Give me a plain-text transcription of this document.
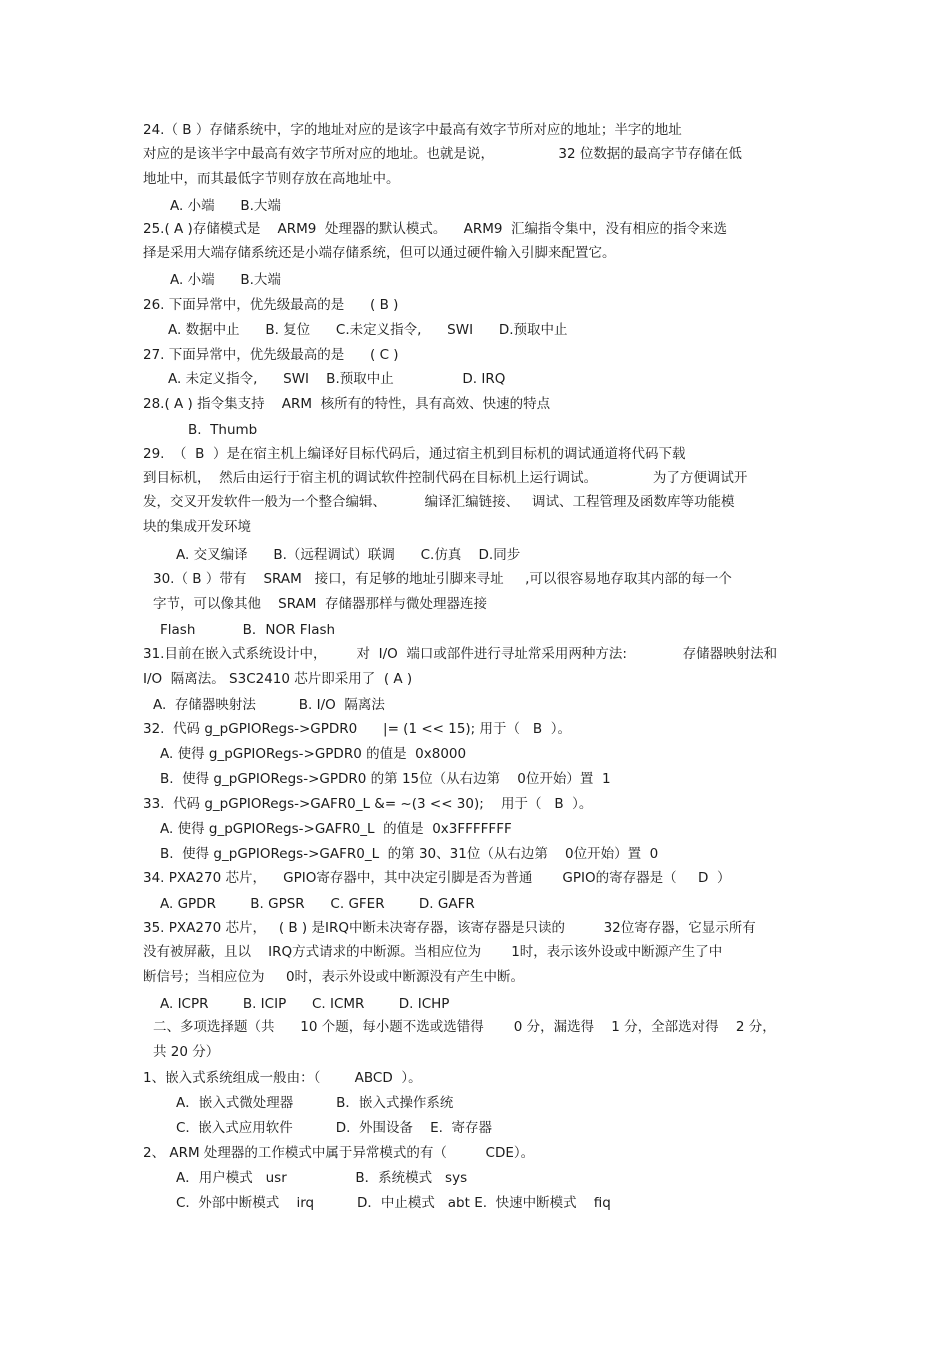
24.（ B ）存储系统中，字的地址对应的是该字中最高有效字节所对应的地址；半字的地址
对应的是该半字中最高有效字节所对应的地址。也就是说，               32 位数据的最高字节存储在低
地址中，而其最低字节则存放在高地址中。
A. 小端      B.大端
25.( A )存储模式是    ARM9  处理器的默认模式。    ARM9  汇编指令集中，没有相应的指令来选
择是采用大端存储系统还是小端存储系统，但可以通过硬件输入引脚来配置它。
A. 小端      B.大端
26. 下面异常中，优先级最高的是      ( B )
A. 数据中止      B. 复位      C.未定义指令,      SWI      D.预取中止
27. 下面异常中，优先级最高的是      ( C )
A. 未定义指令,      SWI    B.预取中止                D. IRQ
28.( A ) 指令集支持    ARM  核所有的特性，具有高效、快速的特点
B.  Thumb
29.  （  B  ）是在宿主机上编译好目标代码后，通过宿主机到目标机的调试通道将代码下载
到目标机，  然后由运行于宿主机的调试软件控制代码在目标机上运行调试。             为了方便调试开
发，交叉开发软件一般为一个整合编辑、         编译汇编链接、   调试、工程管理及函数库等功能模
块的集成开发环境
A. 交叉编译      B.（远程调试）联调      C.仿真    D.同步
30.（ B ）带有    SRAM   接口，有足够的地址引脚来寻址     ,可以很容易地存取其内部的每一个
字节，可以像其他    SRAM  存储器那样与微处理器连接
Flash           B．NOR Flash
31.目前在嵌入式系统设计中，       对  I/O  端口或部件进行寻址常采用两种方法:             存储器映射法和
I/O  隔离法。 S3C2410 芯片即采用了  ( A )
A.  存储器映射法          B. I/O  隔离法
32.  代码 g_pGPIORegs->GPDR0      |= (1 << 15); 用于（   B  ）。
A. 使得 g_pGPIORegs->GPDR0 的值是  0x8000
B.  使得 g_pGPIORegs->GPDR0 的第 15位（从右边第    0位开始）置  1
33.  代码 g_pGPIORegs->GAFR0_L &= ~(3 << 30);    用于（   B  ）。
A. 使得 g_pGPIORegs->GAFR0_L  的值是  0x3FFFFFFF
B.  使得 g_pGPIORegs->GAFR0_L  的第 30、31位（从右边第    0位开始）置  0
34. PXA270 芯片，    GPIO寄存器中，其中决定引脚是否为普通       GPIO的寄存器是（     D  ）
A. GPDR        B. GPSR      C. GFER        D. GAFR
35. PXA270 芯片，   ( B ) 是IRQ中断未决寄存器，该寄存器是只读的         32位寄存器，它显示所有
没有被屏蔽，且以    IRQ方式请求的中断源。当相应位为       1时，表示该外设或中断源产生了中
断信号；当相应位为     0时，表示外设或中断源没有产生中断。
A. ICPR        B. ICIP      C. ICMR        D. ICHP
二、多项选择题（共      10 个题，每小题不选或选错得       0 分，漏选得    1 分，全部选对得    2 分，
共 20 分）
1、嵌入式系统组成一般由：（        ABCD  ）。
A．嵌入式微处理器          B．嵌入式操作系统
C.  嵌入式应用软件          D.  外围设备    E.  寄存器
2、 ARM 处理器的工作模式中属于异常模式的有（         CDE）。
A．用户模式   usr                B．系统模式   sys
C.  外部中断模式    irq          D．中止模式   abt E.  快速中断模式    fiq
